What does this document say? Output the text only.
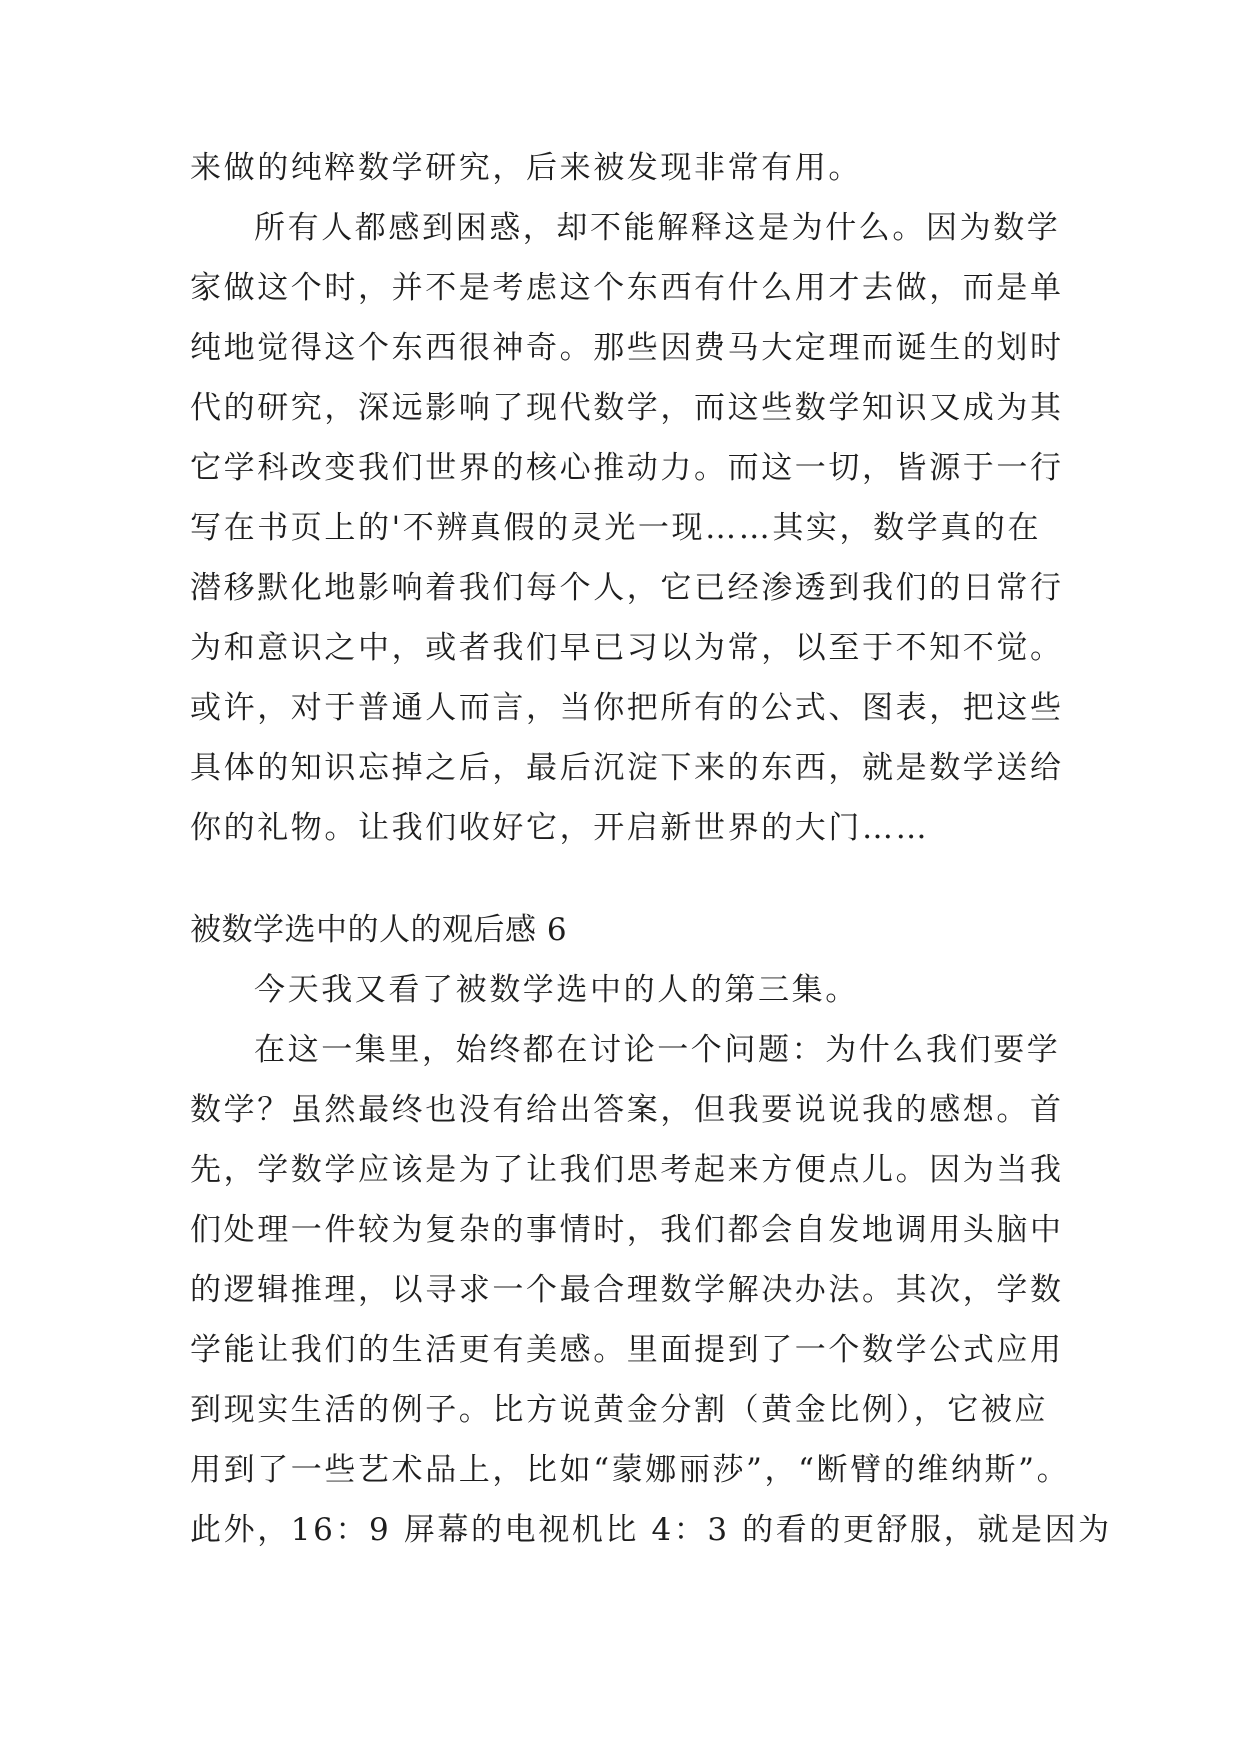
来做的纯粹数学研究，后来被发现非常有用。
所有人都感到困惑，却不能解释这是为什么。因为数学
家做这个时，并不是考虑这个东西有什么用才去做，而是单
纯地觉得这个东西很神奇。那些因费马大定理而诞生的划时
代的研究，深远影响了现代数学，而这些数学知识又成为其
它学科改变我们世界的核心推动力。而这一切，皆源于一行
写在书页上的'不辨真假的灵光一现……其实，数学真的在
潜移默化地影响着我们每个人，它已经渗透到我们的日常行
为和意识之中，或者我们早已习以为常，以至于不知不觉。
或许，对于普通人而言，当你把所有的公式、图表，把这些
具体的知识忘掉之后，最后沉淀下来的东西，就是数学送给
你的礼物。让我们收好它，开启新世界的大门……
被数学选中的人的观后感 6
今天我又看了被数学选中的人的第三集。
在这一集里，始终都在讨论一个问题：为什么我们要学
数学？虽然最终也没有给出答案，但我要说说我的感想。首
先，学数学应该是为了让我们思考起来方便点儿。因为当我
们处理一件较为复杂的事情时，我们都会自发地调用头脑中
的逻辑推理，以寻求一个最合理数学解决办法。其次，学数
学能让我们的生活更有美感。里面提到了一个数学公式应用
到现实生活的例子。比方说黄金分割（黄金比例），它被应
用到了一些艺术品上，比如“蒙娜丽莎”，“断臂的维纳斯”。
此外，16：9 屏幕的电视机比 4：3 的看的更舒服，就是因为
